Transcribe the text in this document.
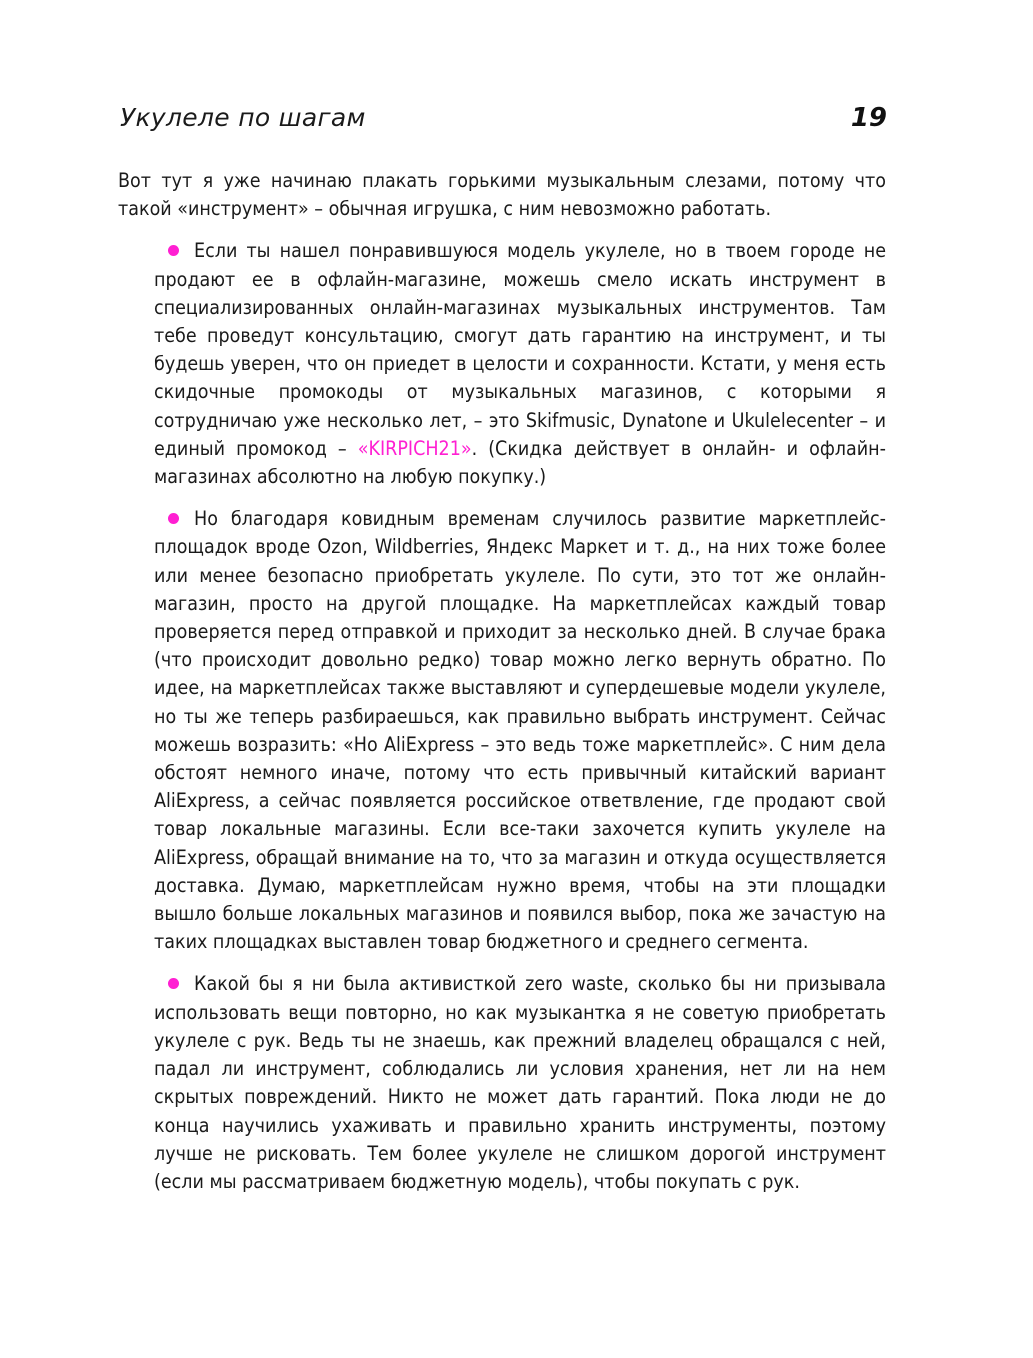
Укулеле по шагам	19

Вот тут я уже начинаю плакать горькими музыкальным слезами, потому что такой «инструмент» – обычная игрушка, с ним невозможно работать.

Если ты нашел понравившуюся модель укулеле, но в твоем городе не продают ее в офлайн-магазине, можешь смело искать инструмент в специализированных онлайн-магазинах музыкальных инструментов. Там тебе проведут консультацию, смогут дать гарантию на инструмент, и ты будешь уверен, что он приедет в целости и сохранности. Кстати, у меня есть скидочные промокоды от музыкальных магазинов, с которыми я сотрудничаю уже несколько лет, – это Skifmusic, Dynatone и Ukulelecenter – и единый промокод – «KIRPICH21». (Скидка действует в онлайн- и офлайн-магазинах абсолютно на любую покупку.)

Но благодаря ковидным временам случилось развитие маркетплейс-площадок вроде Ozon, Wildberries, Яндекс Маркет и т. д., на них тоже более или менее безопасно приобретать укулеле. По сути, это тот же онлайн-магазин, просто на другой площадке. На маркетплейсах каждый товар проверяется перед отправкой и приходит за несколько дней. В случае брака (что происходит довольно редко) товар можно легко вернуть обратно. По идее, на маркетплейсах также выставляют и супердешевые модели укулеле, но ты же теперь разбираешься, как правильно выбрать инструмент. Сейчас можешь возразить: «Но AliExpress – это ведь тоже маркетплейс». С ним дела обстоят немного иначе, потому что есть привычный китайский вариант AliExpress, а сейчас появляется российское ответвление, где продают свой товар локальные магазины. Если все-таки захочется купить укулеле на AliExpress, обращай внимание на то, что за магазин и откуда осуществляется доставка. Думаю, маркетплейсам нужно время, чтобы на эти площадки вышло больше локальных магазинов и появился выбор, пока же зачастую на таких площадках выставлен товар бюджетного и среднего сегмента.

Какой бы я ни была активисткой zero waste, сколько бы ни призывала использовать вещи повторно, но как музыкантка я не советую приобретать укулеле с рук. Ведь ты не знаешь, как прежний владелец обращался с ней, падал ли инструмент, соблюдались ли условия хранения, нет ли на нем скрытых повреждений. Никто не может дать гарантий. Пока люди не до конца научились ухаживать и правильно хранить инструменты, поэтому лучше не рисковать. Тем более укулеле не слишком дорогой инструмент (если мы рассматриваем бюджетную модель), чтобы покупать с рук.
